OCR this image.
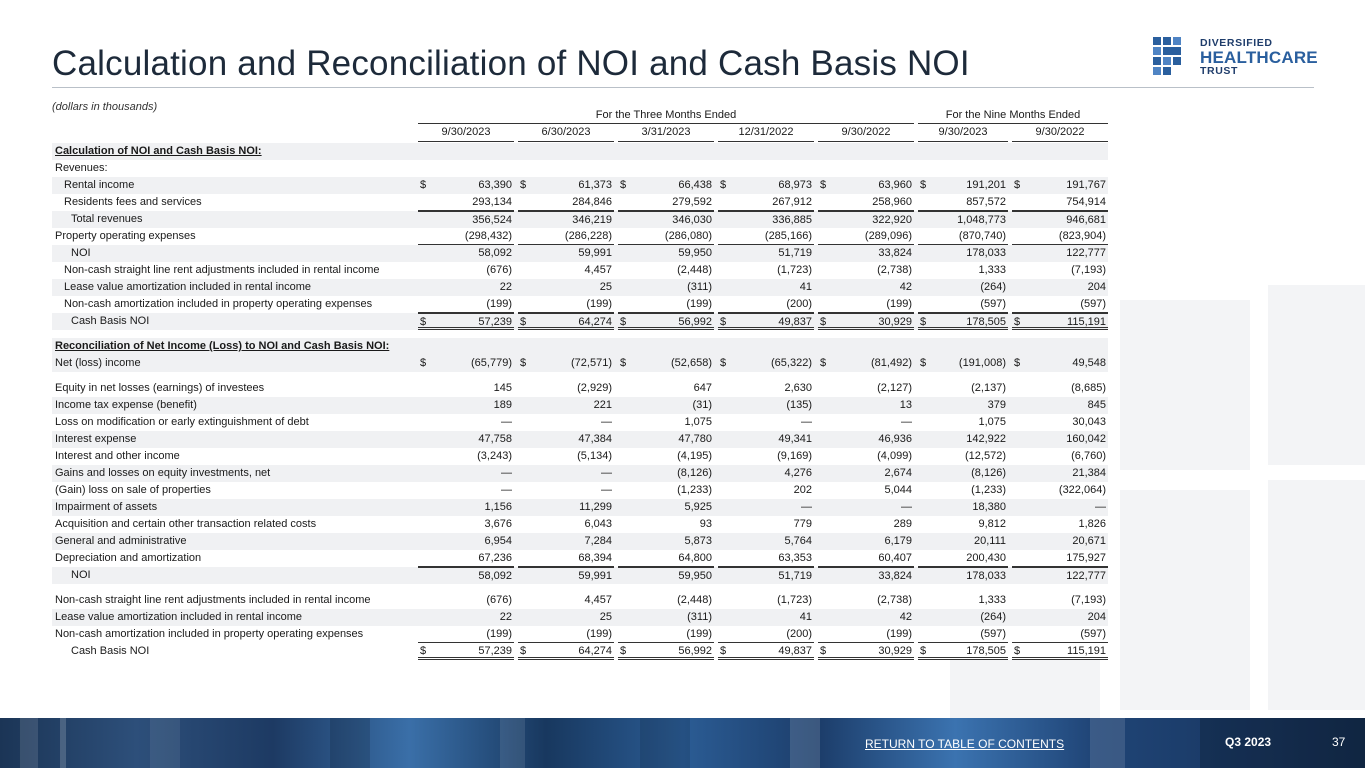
Calculation and Reconciliation of NOI and Cash Basis NOI
DIVERSIFIED
HEALTHCARE
TRUST
(dollars in thousands)
For the Three Months Ended	For the Nine Months Ended
9/30/2023	6/30/2023	3/31/2023	12/31/2022	9/30/2022	9/30/2023	9/30/2022
Calculation of NOI and Cash Basis NOI:
Revenues:
Rental income	$	63,390 $	61,373 $	66,438 $	68,973 $	63,960 $	191,201 $	191,767
Residents fees and services	293,134	284,846	279,592	267,912	258,960	857,572	754,914
Total revenues	356,524	346,219	346,030	336,885	322,920	1,048,773	946,681
Property operating expenses	(298,432)	(286,228)	(286,080)	(285,166)	(289,096)	(870,740)	(823,904)
NOI	58,092	59,991	59,950	51,719	33,824	178,033	122,777
Non-cash straight line rent adjustments included in rental income	(676)	4,457	(2,448)	(1,723)	(2,738)	1,333	(7,193)
Lease value amortization included in rental income	22	25	(311)	41	42	(264)	204
Non-cash amortization included in property operating expenses	(199)	(199)	(199)	(200)	(199)	(597)	(597)
Cash Basis NOI	$	57,239 $	64,274 $	56,992 $	49,837 $	30,929 $	178,505 $	115,191
Reconciliation of Net Income (Loss) to NOI and Cash Basis NOI:
Net (loss) income	$	(65,779) $	(72,571) $	(52,658) $	(65,322) $	(81,492) $	(191,008) $	49,548
Equity in net losses (earnings) of investees	145	(2,929)	647	2,630	(2,127)	(2,137)	(8,685)
Income tax expense (benefit)	189	221	(31)	(135)	13	379	845
Loss on modification or early extinguishment of debt	—	—	1,075	—	—	1,075	30,043
Interest expense	47,758	47,384	47,780	49,341	46,936	142,922	160,042
Interest and other income	(3,243)	(5,134)	(4,195)	(9,169)	(4,099)	(12,572)	(6,760)
Gains and losses on equity investments, net	—	—	(8,126)	4,276	2,674	(8,126)	21,384
(Gain) loss on sale of properties	—	—	(1,233)	202	5,044	(1,233)	(322,064)
Impairment of assets	1,156	11,299	5,925	—	—	18,380	—
Acquisition and certain other transaction related costs	3,676	6,043	93	779	289	9,812	1,826
General and administrative	6,954	7,284	5,873	5,764	6,179	20,111	20,671
Depreciation and amortization	67,236	68,394	64,800	63,353	60,407	200,430	175,927
NOI	58,092	59,991	59,950	51,719	33,824	178,033	122,777
Non-cash straight line rent adjustments included in rental income	(676)	4,457	(2,448)	(1,723)	(2,738)	1,333	(7,193)
Lease value amortization included in rental income	22	25	(311)	41	42	(264)	204
Non-cash amortization included in property operating expenses	(199)	(199)	(199)	(200)	(199)	(597)	(597)
Cash Basis NOI	$	57,239 $	64,274 $	56,992 $	49,837 $	30,929 $	178,505 $	115,191
RETURN TO TABLE OF CONTENTS	Q3 2023	37
